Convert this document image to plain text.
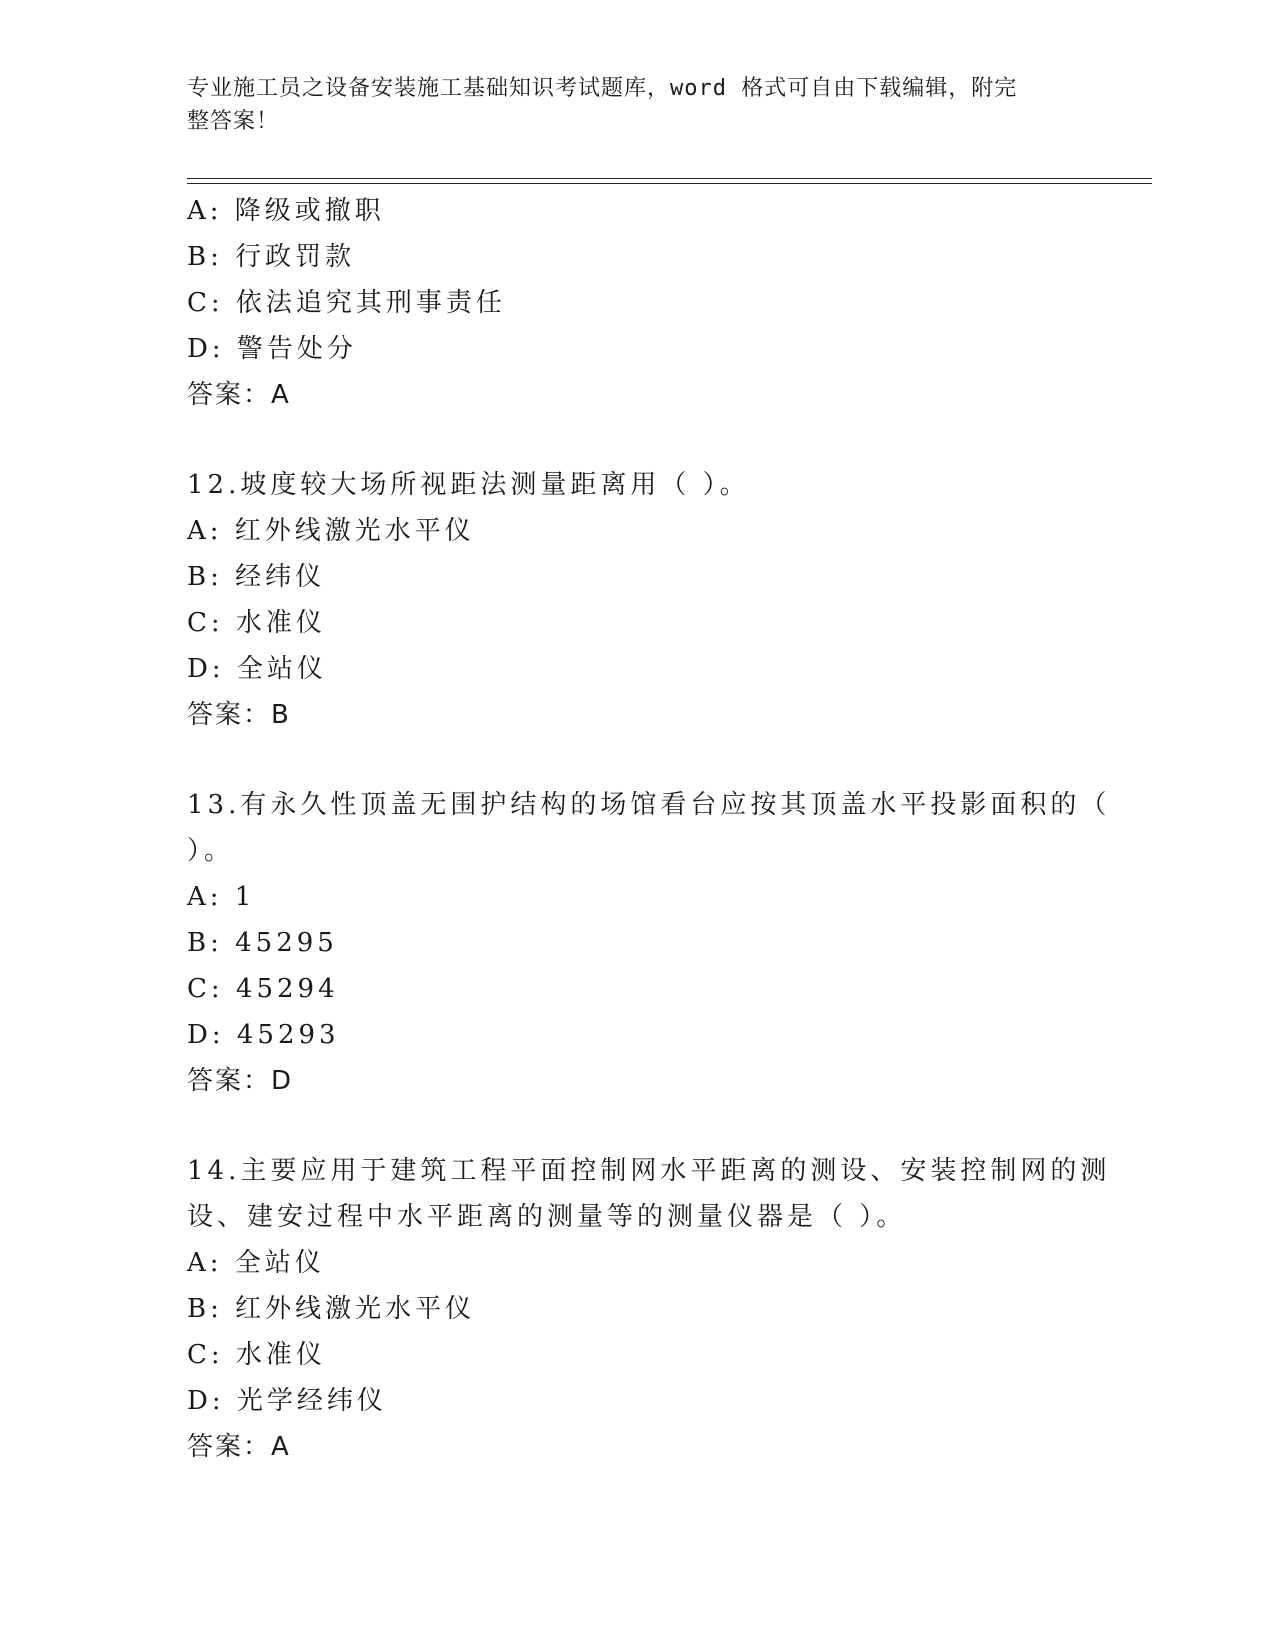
专业施工员之设备安装施工基础知识考试题库，word 格式可自由下载编辑，附完
整答案！
A: 降级或撤职
B: 行政罚款
C: 依法追究其刑事责任
D: 警告处分
答案：A
12.坡度较大场所视距法测量距离用（ ）。
A: 红外线激光水平仪
B: 经纬仪
C: 水准仪
D: 全站仪
答案：B
13.有永久性顶盖无围护结构的场馆看台应按其顶盖水平投影面积的（
）。
A: 1
B: 45295
C: 45294
D: 45293
答案：D
14.主要应用于建筑工程平面控制网水平距离的测设、安装控制网的测
设、建安过程中水平距离的测量等的测量仪器是（ ）。
A: 全站仪
B: 红外线激光水平仪
C: 水准仪
D: 光学经纬仪
答案：A
